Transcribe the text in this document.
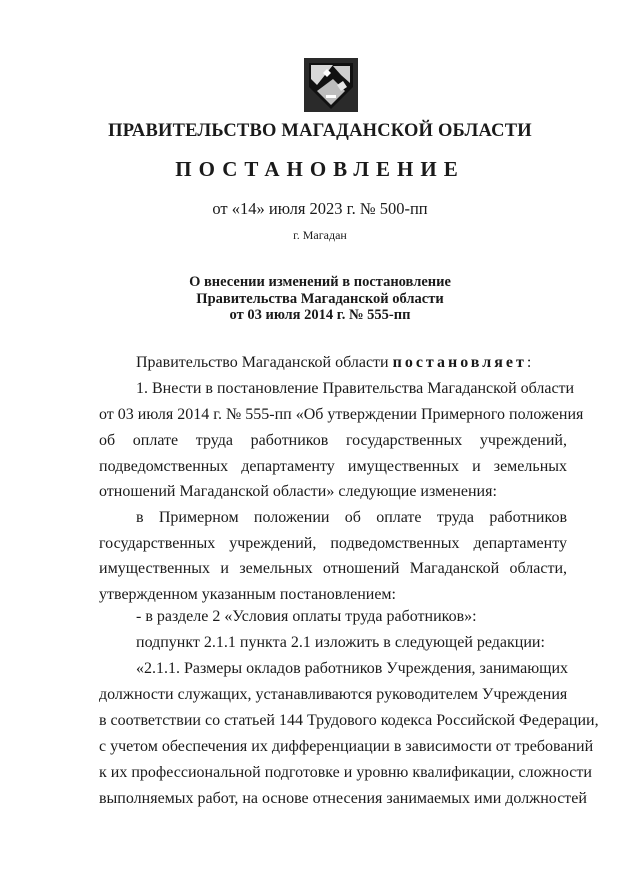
ПРАВИТЕЛЬСТВО МАГАДАНСКОЙ ОБЛАСТИ
ПОСТАНОВЛЕНИЕ
от «14» июля 2023 г. № 500-пп
г. Магадан
О внесении изменений в постановление
Правительства Магаданской области
от 03 июля 2014 г. № 555-пп
Правительство Магаданской области постановляет:
1. Внести в постановление Правительства Магаданской области
от 03 июля 2014 г. № 555-пп «Об утверждении Примерного положения
об оплате труда работников государственных учреждений,
подведомственных департаменту имущественных и земельных
отношений Магаданской области» следующие изменения:
в Примерном положении об оплате труда работников
государственных учреждений, подведомственных департаменту
имущественных и земельных отношений Магаданской области,
утвержденном указанным постановлением:
- в разделе 2 «Условия оплаты труда работников»:
подпункт 2.1.1 пункта 2.1 изложить в следующей редакции:
«2.1.1. Размеры окладов работников Учреждения, занимающих
должности служащих, устанавливаются руководителем Учреждения
в соответствии со статьей 144 Трудового кодекса Российской Федерации,
с учетом обеспечения их дифференциации в зависимости от требований
к их профессиональной подготовке и уровню квалификации, сложности
выполняемых работ, на основе отнесения занимаемых ими должностей
